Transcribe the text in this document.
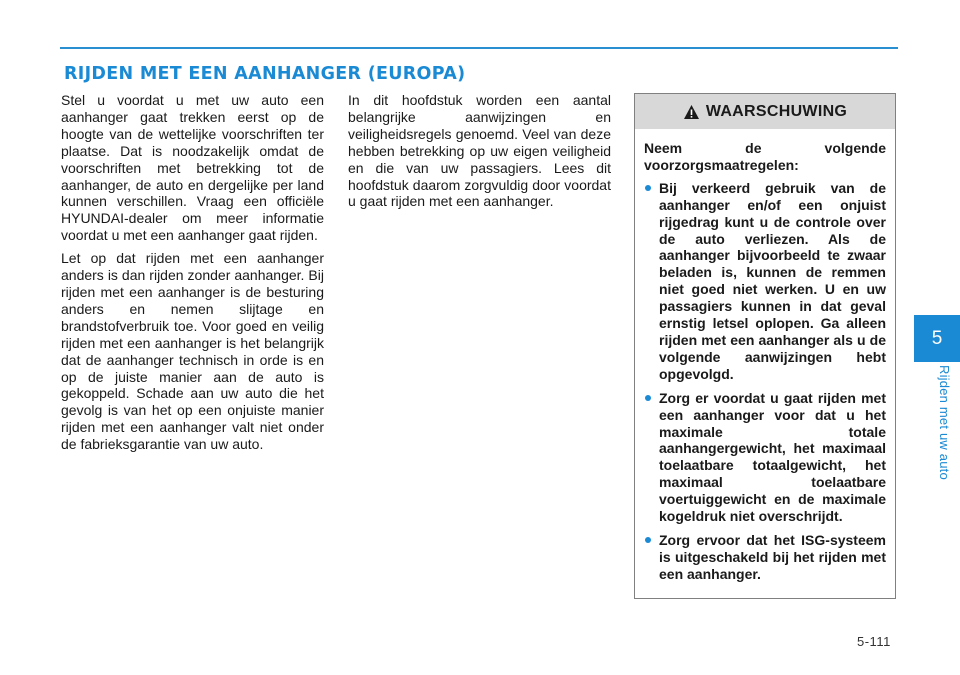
RIJDEN MET EEN AANHANGER (EUROPA)

Stel u voordat u met uw auto een aanhanger gaat trekken eerst op de hoogte van de wettelijke voorschriften ter plaatse. Dat is noodzakelijk omdat de voorschriften met betrekking tot de aanhanger, de auto en dergelijke per land kunnen verschillen. Vraag een officiële HYUNDAI-dealer om meer informatie voordat u met een aanhanger gaat rijden.

Let op dat rijden met een aanhanger anders is dan rijden zonder aanhanger. Bij rijden met een aanhanger is de besturing anders en nemen slijtage en brandstofverbruik toe. Voor goed en veilig rijden met een aanhanger is het belangrijk dat de aanhanger technisch in orde is en op de juiste manier aan de auto is gekoppeld. Schade aan uw auto die het gevolg is van het op een onjuiste manier rijden met een aanhanger valt niet onder de fabrieksgarantie van uw auto.

In dit hoofdstuk worden een aantal belangrijke aanwijzingen en veiligheidsregels genoemd. Veel van deze hebben betrekking op uw eigen veiligheid en die van uw passagiers. Lees dit hoofdstuk daarom zorgvuldig door voordat u gaat rijden met een aanhanger.

WAARSCHUWING

Neem de volgende voorzorgsmaatregelen:

Bij verkeerd gebruik van de aanhanger en/of een onjuist rijgedrag kunt u de controle over de auto verliezen. Als de aanhanger bijvoorbeeld te zwaar beladen is, kunnen de remmen niet goed niet werken. U en uw passagiers kunnen in dat geval ernstig letsel oplopen. Ga alleen rijden met een aanhanger als u de volgende aanwijzingen hebt opgevolgd.
Zorg er voordat u gaat rijden met een aanhanger voor dat u het maximale totale aanhangergewicht, het maximaal toelaatbare totaalgewicht, het maximaal toelaatbare voertuiggewicht en de maximale kogeldruk niet overschrijdt.
Zorg ervoor dat het ISG-systeem is uitgeschakeld bij het rijden met een aanhanger.
5
Rijden met uw auto
5-111
